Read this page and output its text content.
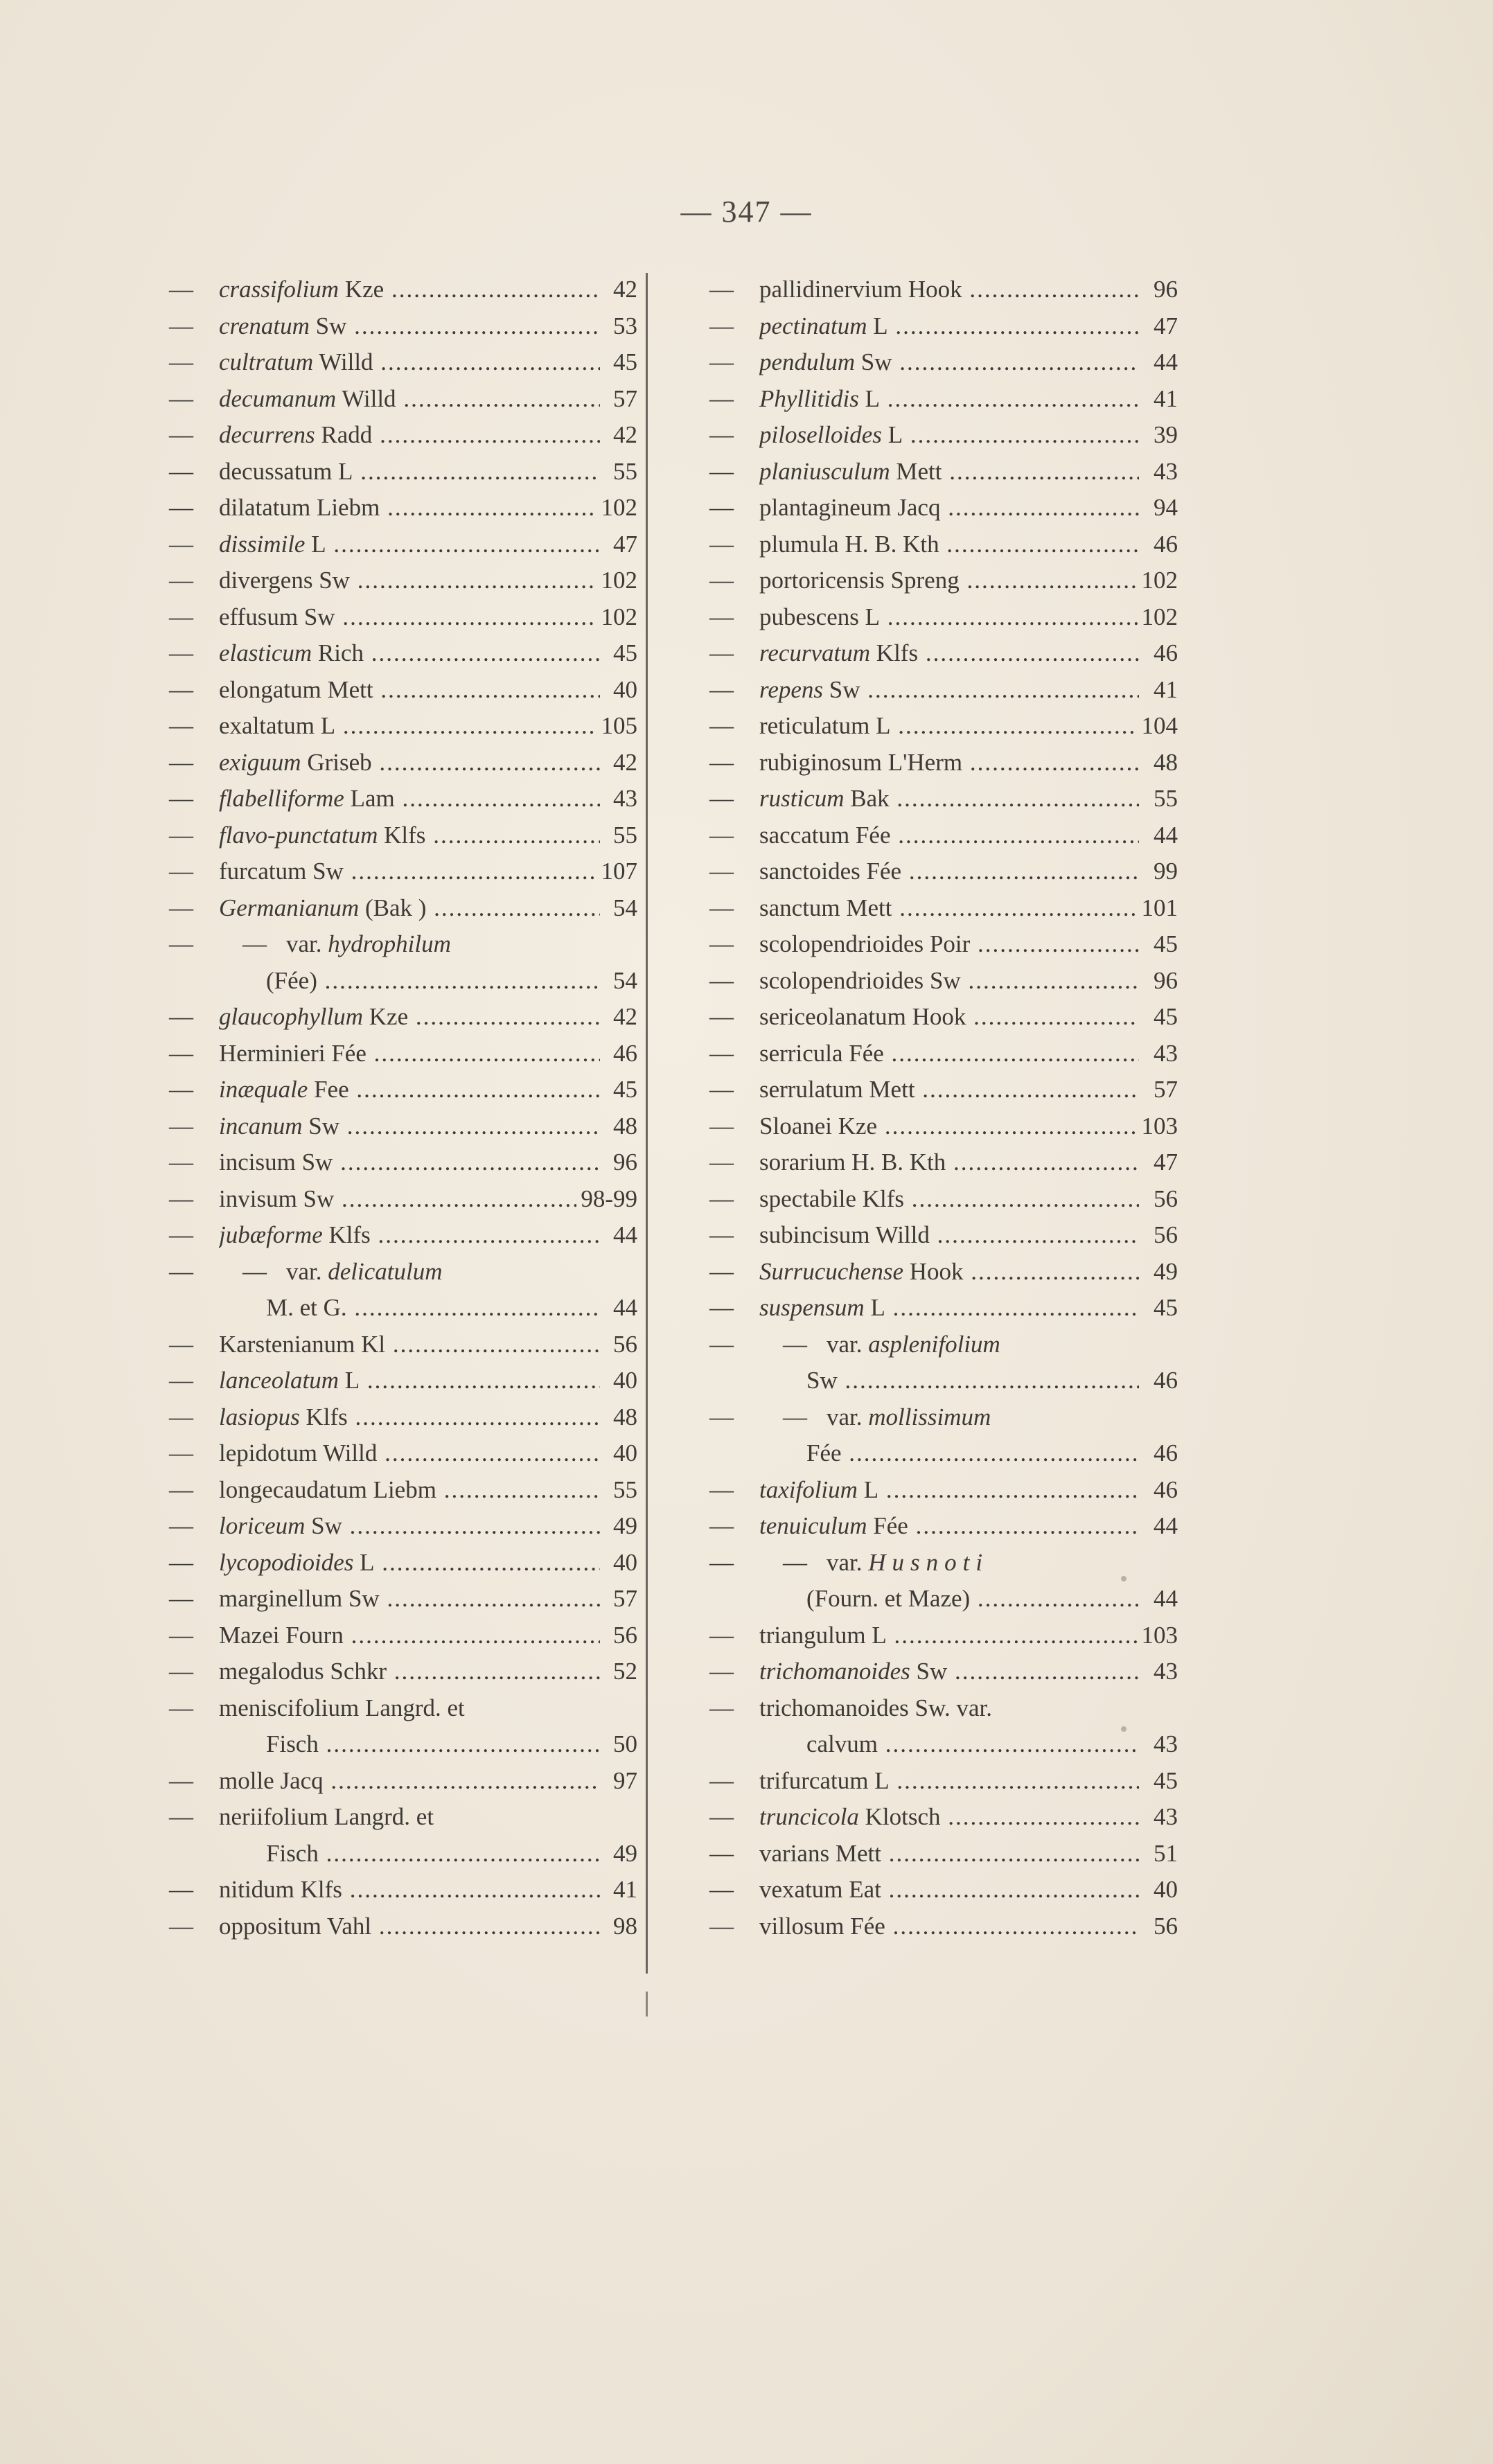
— 347 —
—	crassifolium Kze .....	42
—	crenatum Sw .....	53
—	cultratum Willd .....	45
—	decumanum Willd .....	57
—	decurrens Radd .....	42
—	decussatum L .....	55
—	dilatatum Liebm .....	102
—	dissimile L .....	47
—	divergens Sw .....	102
—	effusum Sw .....	102
—	elasticum Rich .....	45
—	elongatum Mett .....	40
—	exaltatum L .....	105
—	exiguum Griseb .....	42
—	flabelliforme Lam .....	43
—	flavo-punctatum Klfs .....	55
—	furcatum Sw .....	107
—	Germanianum (Bak ) .....	54
—	— var. hydrophilum
(Fée) .....	54
—	glaucophyllum Kze .....	42
—	Herminieri Fée .....	46
—	inæquale Fee .....	45
—	incanum Sw .....	48
—	incisum Sw .....	96
—	invisum Sw .....	98-99
—	jubæforme Klfs .....	44
—	— var. delicatulum
M. et G. .....	44
—	Karstenianum Kl .....	56
—	lanceolatum L .....	40
—	lasiopus Klfs .....	48
—	lepidotum Willd .....	40
—	longecaudatum Liebm .....	55
—	loriceum Sw .....	49
—	lycopodioides L .....	40
—	marginellum Sw .....	57
—	Mazei Fourn .....	56
—	megalodus Schkr .....	52
—	meniscifolium Langrd. et
Fisch .....	50
—	molle Jacq .....	97
—	neriifolium Langrd. et
Fisch .....	49
—	nitidum Klfs .....	41
—	oppositum Vahl .....	98
—	pallidinervium Hook .....	96
—	pectinatum L .....	47
—	pendulum Sw .....	44
—	Phyllitidis L .....	41
—	piloselloides L .....	39
—	planiusculum Mett .....	43
—	plantagineum Jacq .....	94
—	plumula H. B. Kth .....	46
—	portoricensis Spreng .....	102
—	pubescens L .....	102
—	recurvatum Klfs .....	46
—	repens Sw .....	41
—	reticulatum L .....	104
—	rubiginosum L'Herm .....	48
—	rusticum Bak .....	55
—	saccatum Fée .....	44
—	sanctoides Fée .....	99
—	sanctum Mett .....	101
—	scolopendrioides Poir .....	45
—	scolopendrioides Sw .....	96
—	sericeolanatum Hook .....	45
—	serricula Fée .....	43
—	serrulatum Mett .....	57
—	Sloanei Kze .....	103
—	sorarium H. B. Kth .....	47
—	spectabile Klfs .....	56
—	subincisum Willd .....	56
—	Surrucuchense Hook .....	49
—	suspensum L .....	45
—	— var. asplenifolium
Sw .....	46
—	— var. mollissimum
Fée .....	46
—	taxifolium L .....	46
—	tenuiculum Fée .....	44
—	— var. Husnoti
(Fourn. et Maze) .....	44
—	triangulum L .....	103
—	trichomanoides Sw .....	43
—	trichomanoides Sw. var.
calvum .....	43
—	trifurcatum L .....	45
—	truncicola Klotsch .....	43
—	varians Mett .....	51
—	vexatum Eat .....	40
—	villosum Fée .....	56
